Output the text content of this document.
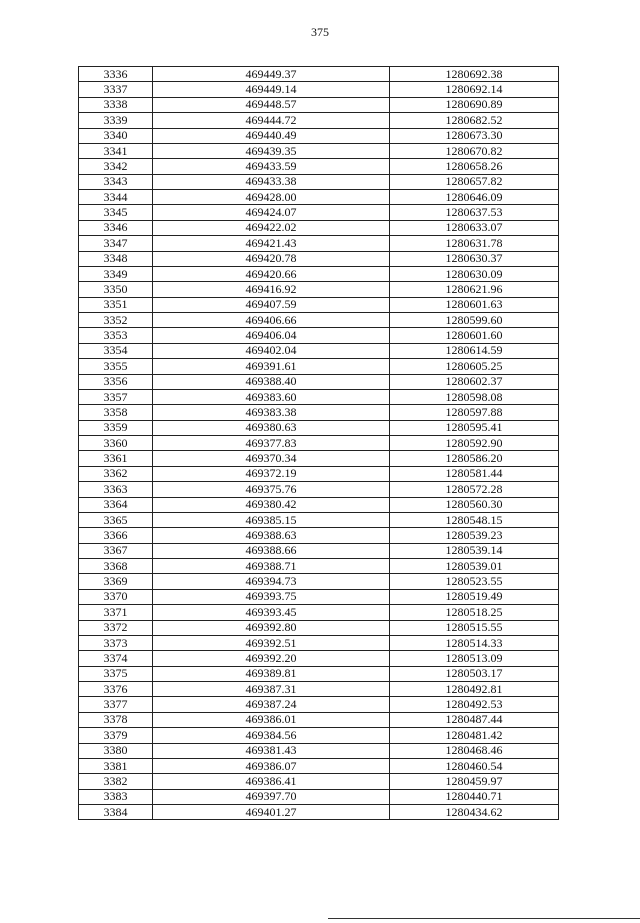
375
3336	469449.37	1280692.38
3337	469449.14	1280692.14
3338	469448.57	1280690.89
3339	469444.72	1280682.52
3340	469440.49	1280673.30
3341	469439.35	1280670.82
3342	469433.59	1280658.26
3343	469433.38	1280657.82
3344	469428.00	1280646.09
3345	469424.07	1280637.53
3346	469422.02	1280633.07
3347	469421.43	1280631.78
3348	469420.78	1280630.37
3349	469420.66	1280630.09
3350	469416.92	1280621.96
3351	469407.59	1280601.63
3352	469406.66	1280599.60
3353	469406.04	1280601.60
3354	469402.04	1280614.59
3355	469391.61	1280605.25
3356	469388.40	1280602.37
3357	469383.60	1280598.08
3358	469383.38	1280597.88
3359	469380.63	1280595.41
3360	469377.83	1280592.90
3361	469370.34	1280586.20
3362	469372.19	1280581.44
3363	469375.76	1280572.28
3364	469380.42	1280560.30
3365	469385.15	1280548.15
3366	469388.63	1280539.23
3367	469388.66	1280539.14
3368	469388.71	1280539.01
3369	469394.73	1280523.55
3370	469393.75	1280519.49
3371	469393.45	1280518.25
3372	469392.80	1280515.55
3373	469392.51	1280514.33
3374	469392.20	1280513.09
3375	469389.81	1280503.17
3376	469387.31	1280492.81
3377	469387.24	1280492.53
3378	469386.01	1280487.44
3379	469384.56	1280481.42
3380	469381.43	1280468.46
3381	469386.07	1280460.54
3382	469386.41	1280459.97
3383	469397.70	1280440.71
3384	469401.27	1280434.62
